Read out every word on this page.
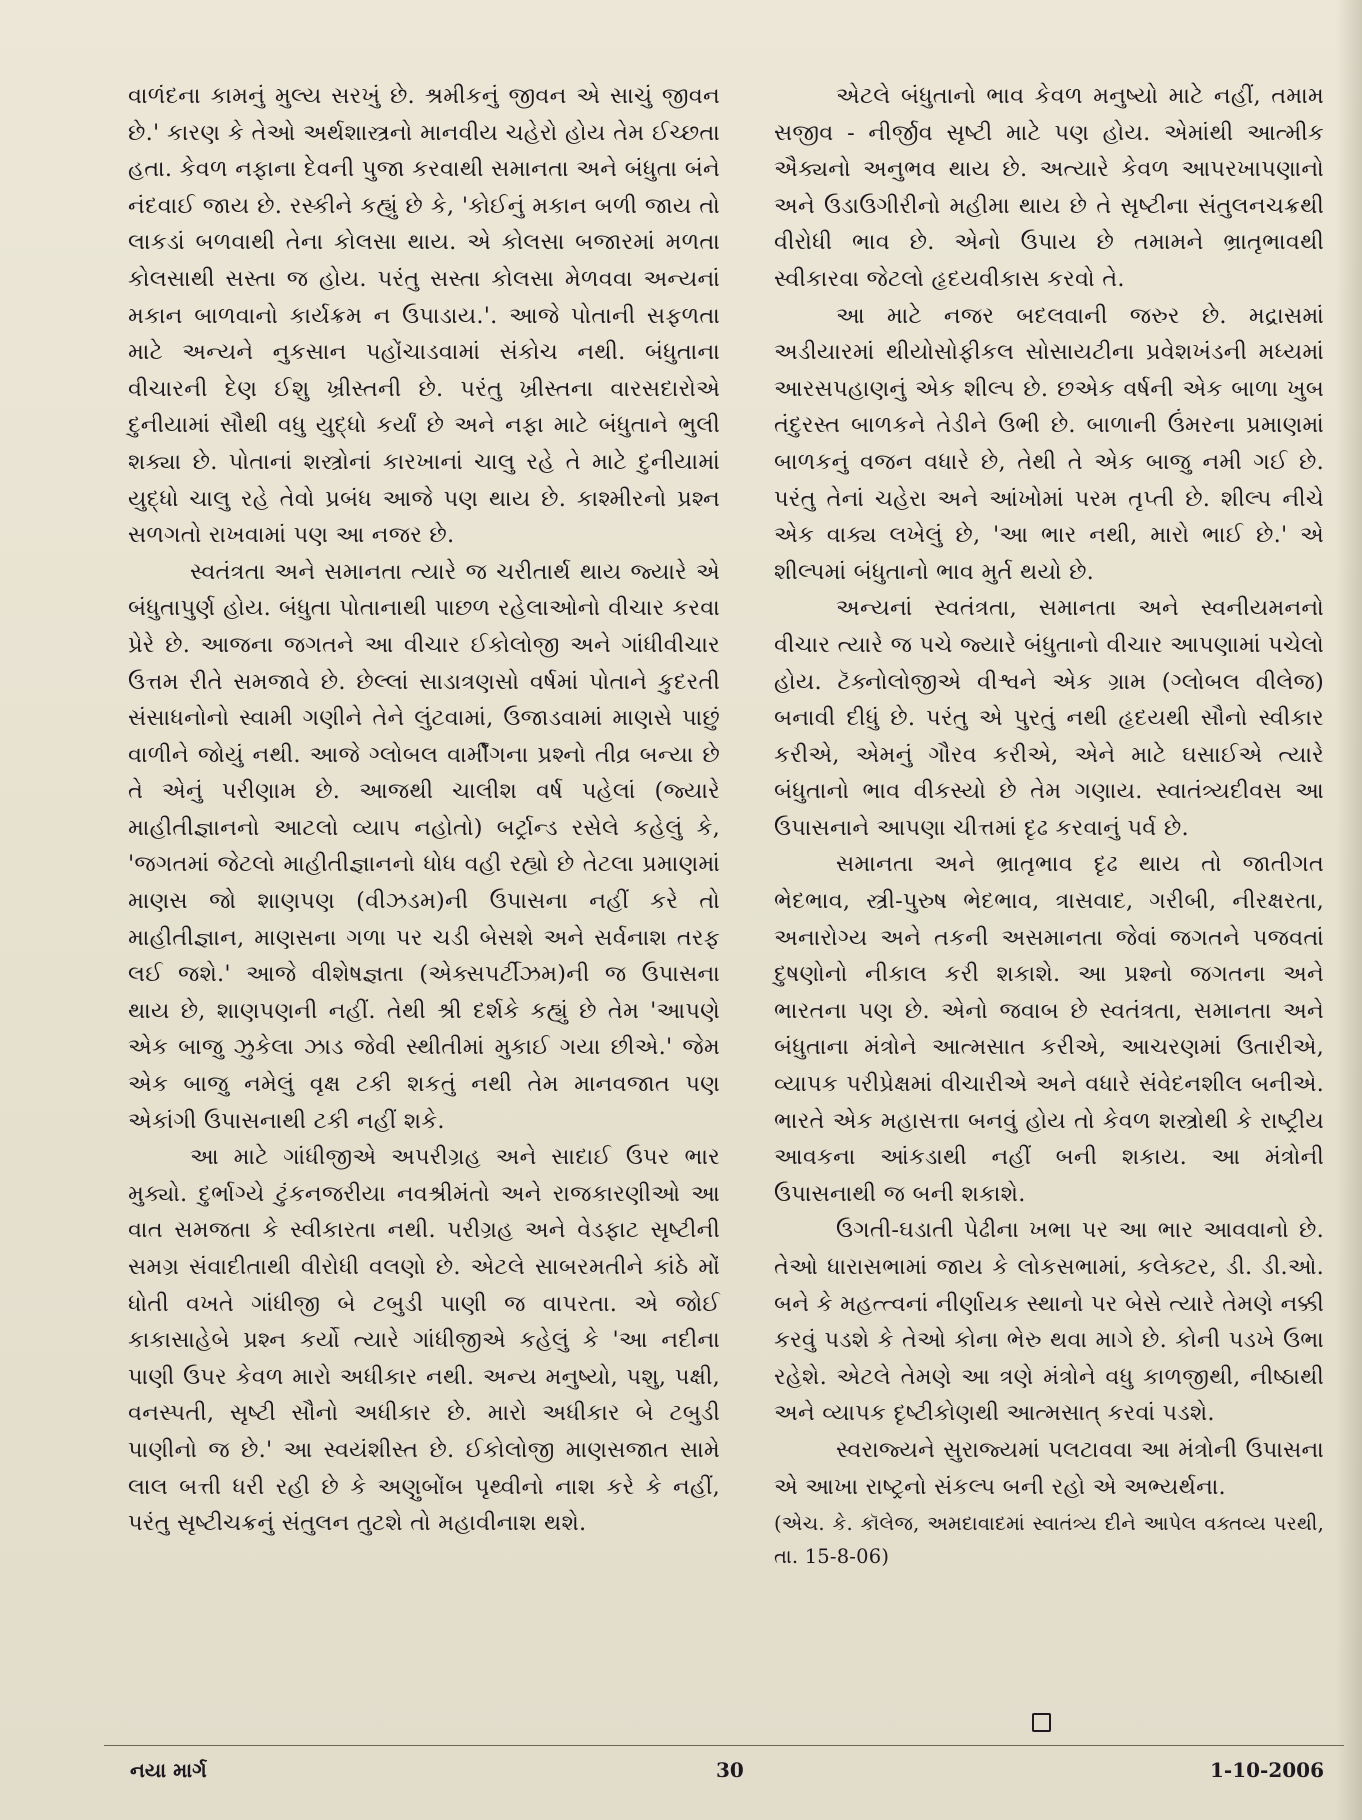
વાળંદના કામનું મુલ્ય સરખું છે. શ્રમીકનું જીવન એ સાચું જીવન છે.' કારણ કે તેઓ અર્થશાસ્ત્રનો માનવીય ચહેરો હોય તેમ ઈચ્છતા હતા. કેવળ નફાના દેવની પુજા કરવાથી સમાનતા અને બંધુતા બંને નંદવાઈ જાય છે. રસ્કીને કહ્યું છે કે, 'કોઈનું મકાન બળી જાય તો લાકડાં બળવાથી તેના કોલસા થાય. એ કોલસા બજારમાં મળતા કોલસાથી સસ્તા જ હોય. પરંતુ સસ્તા કોલસા મેળવવા અન્યનાં મકાન બાળવાનો કાર્યક્રમ ન ઉપાડાય.'. આજે પોતાની સફળતા માટે અન્યને નુકસાન પહોંચાડવામાં સંકોચ નથી. બંધુતાના વીચારની દેણ ઈશુ ખ્રીસ્તની છે. પરંતુ ખ્રીસ્તના વારસદારોએ દુનીયામાં સૌથી વધુ યુદ્ધો કર્યાં છે અને નફા માટે બંધુતાને ભુલી શક્યા છે. પોતાનાં શસ્ત્રોનાં કારખાનાં ચાલુ રહે તે માટે દુનીયામાં યુદ્ધો ચાલુ રહે તેવો પ્રબંધ આજે પણ થાય છે. કાશ્મીરનો પ્રશ્ન સળગતો રાખવામાં પણ આ નજર છે.

સ્વતંત્રતા અને સમાનતા ત્યારે જ ચરીતાર્થ થાય જ્યારે એ બંધુતાપુર્ણ હોય. બંધુતા પોતાનાથી પાછળ રહેલાઓનો વીચાર કરવા પ્રેરે છે. આજના જગતને આ વીચાર ઈકોલોજી અને ગાંધીવીચાર ઉત્તમ રીતે સમજાવે છે. છેલ્લાં સાડાત્રણસો વર્ષમાં પોતાને કુદરતી સંસાધનોનો સ્વામી ગણીને તેને લુંટવામાં, ઉજાડવામાં માણસે પાછું વાળીને જોયું નથી. આજે ગ્લોબલ વાર્મીંગના પ્રશ્નો તીવ્ર બન્યા છે તે એનું પરીણામ છે. આજથી ચાલીશ વર્ષ પહેલાં (જ્યારે માહીતીજ્ઞાનનો આટલો વ્યાપ નહોતો) બર્ટ્રાન્ડ રસેલે કહેલું કે, 'જગતમાં જેટલો માહીતીજ્ઞાનનો ધોધ વહી રહ્યો છે તેટલા પ્રમાણમાં માણસ જો શાણપણ (વીઝડમ)ની ઉપાસના નહીં કરે તો માહીતીજ્ઞાન, માણસના ગળા પર ચડી બેસશે અને સર્વનાશ તરફ લઈ જશે.' આજે વીશેષજ્ઞતા (એક્સપર્ટીઝમ)ની જ ઉપાસના થાય છે, શાણપણની નહીં. તેથી શ્રી દર્શકે કહ્યું છે તેમ 'આપણે એક બાજુ ઝુકેલા ઝાડ જેવી સ્થીતીમાં મુકાઈ ગયા છીએ.' જેમ એક બાજુ નમેલું વૃક્ષ ટકી શકતું નથી તેમ માનવજાત પણ એકાંગી ઉપાસનાથી ટકી નહીં શકે.

આ માટે ગાંધીજીએ અપરીગ્રહ અને સાદાઈ ઉપર ભાર મુક્યો. દુર્ભાગ્યે ટુંકનજરીયા નવશ્રીમંતો અને રાજકારણીઓ આ વાત સમજતા કે સ્વીકારતા નથી. પરીગ્રહ અને વેડફાટ સૃષ્ટીની સમગ્ર સંવાદીતાથી વીરોધી વલણો છે. એટલે સાબરમતીને કાંઠે મોં ધોતી વખતે ગાંધીજી બે ટબુડી પાણી જ વાપરતા. એ જોઈ કાકાસાહેબે પ્રશ્ન કર્યો ત્યારે ગાંધીજીએ કહેલું કે 'આ નદીના પાણી ઉપર કેવળ મારો અધીકાર નથી. અન્ય મનુષ્યો, પશુ, પક્ષી, વનસ્પતી, સૃષ્ટી સૌનો અધીકાર છે. મારો અધીકાર બે ટબુડી પાણીનો જ છે.' આ સ્વયંશીસ્ત છે. ઈકોલોજી માણસજાત સામે લાલ બત્તી ધરી રહી છે કે અણુબોંબ પૃથ્વીનો નાશ કરે કે નહીં, પરંતુ સૃષ્ટીચક્રનું સંતુલન તુટશે તો મહાવીનાશ થશે.

એટલે બંધુતાનો ભાવ કેવળ મનુષ્યો માટે નહીં, તમામ સજીવ - નીર્જીવ સૃષ્ટી માટે પણ હોય. એમાંથી આત્મીક ઐક્યનો અનુભવ થાય છે. અત્યારે કેવળ આપરખાપણાનો અને ઉડાઉગીરીનો મહીમા થાય છે તે સૃષ્ટીના સંતુલનચક્રથી વીરોધી ભાવ છે. એનો ઉપાય છે તમામને ભ્રાતૃભાવથી સ્વીકારવા જેટલો હૃદયવીકાસ કરવો તે.

આ માટે નજર બદલવાની જરુર છે. મદ્રાસમાં અડીયારમાં થીયોસોફીકલ સોસાયટીના પ્રવેશખંડની મધ્યમાં આરસપહાણનું એક શીલ્પ છે. છએક વર્ષની એક બાળા ખુબ તંદુરસ્ત બાળકને તેડીને ઉભી છે. બાળાની ઉંમરના પ્રમાણમાં બાળકનું વજન વધારે છે, તેથી તે એક બાજુ નમી ગઈ છે. પરંતુ તેનાં ચહેરા અને આંખોમાં પરમ તૃપ્તી છે. શીલ્પ નીચે એક વાક્ય લખેલું છે, 'આ ભાર નથી, મારો ભાઈ છે.' એ શીલ્પમાં બંધુતાનો ભાવ મુર્ત થયો છે.

અન્યનાં સ્વતંત્રતા, સમાનતા અને સ્વનીયમનનો વીચાર ત્યારે જ પચે જ્યારે બંધુતાનો વીચાર આપણામાં પચેલો હોય. ટૅક્નોલોજીએ વીશ્વને એક ગ્રામ (ગ્લોબલ વીલેજ) બનાવી દીધું છે. પરંતુ એ પુરતું નથી હૃદયથી સૌનો સ્વીકાર કરીએ, એમનું ગૌરવ કરીએ, એને માટે ઘસાઈએ ત્યારે બંધુતાનો ભાવ વીકસ્યો છે તેમ ગણાય. સ્વાતંત્ર્યદીવસ આ ઉપાસનાને આપણા ચીત્તમાં દૃઢ કરવાનું પર્વ છે.

સમાનતા અને ભ્રાતૃભાવ દૃઢ થાય તો જાતીગત ભેદભાવ, સ્ત્રી-પુરુષ ભેદભાવ, ત્રાસવાદ, ગરીબી, નીરક્ષરતા, અનારોગ્ય અને તકની અસમાનતા જેવાં જગતને પજવતાં દુષણોનો નીકાલ કરી શકાશે. આ પ્રશ્નો જગતના અને ભારતના પણ છે. એનો જવાબ છે સ્વતંત્રતા, સમાનતા અને બંધુતાના મંત્રોને આત્મસાત કરીએ, આચરણમાં ઉતારીએ, વ્યાપક પરીપ્રેક્ષમાં વીચારીએ અને વધારે સંવેદનશીલ બનીએ. ભારતે એક મહાસત્તા બનવું હોય તો કેવળ શસ્ત્રોથી કે રાષ્ટ્રીય આવકના આંકડાથી નહીં બની શકાય. આ મંત્રોની ઉપાસનાથી જ બની શકાશે.

ઉગતી-ઘડાતી પેઢીના ખભા પર આ ભાર આવવાનો છે. તેઓ ધારાસભામાં જાય કે લોકસભામાં, કલેક્ટર, ડી. ડી.ઓ. બને કે મહત્ત્વનાં નીર્ણાયક સ્થાનો પર બેસે ત્યારે તેમણે નક્કી કરવું પડશે કે તેઓ કોના ભેરુ થવા માગે છે. કોની પડખે ઉભા રહેશે. એટલે તેમણે આ ત્રણે મંત્રોને વધુ કાળજીથી, નીષ્ઠાથી અને વ્યાપક દૃષ્ટીકોણથી આત્મસાત્ કરવાં પડશે.

સ્વરાજ્યને સુરાજ્યમાં પલટાવવા આ મંત્રોની ઉપાસના એ આખા રાષ્ટ્રનો સંકલ્પ બની રહો એ અભ્યર્થના.

(એચ. કે. કૉલેજ, અમદાવાદમાં સ્વાતંત્ર્ય દીને આપેલ વક્તવ્ય પરથી, તા. 15-8-06)

નયા માર્ગ	30	1-10-2006
